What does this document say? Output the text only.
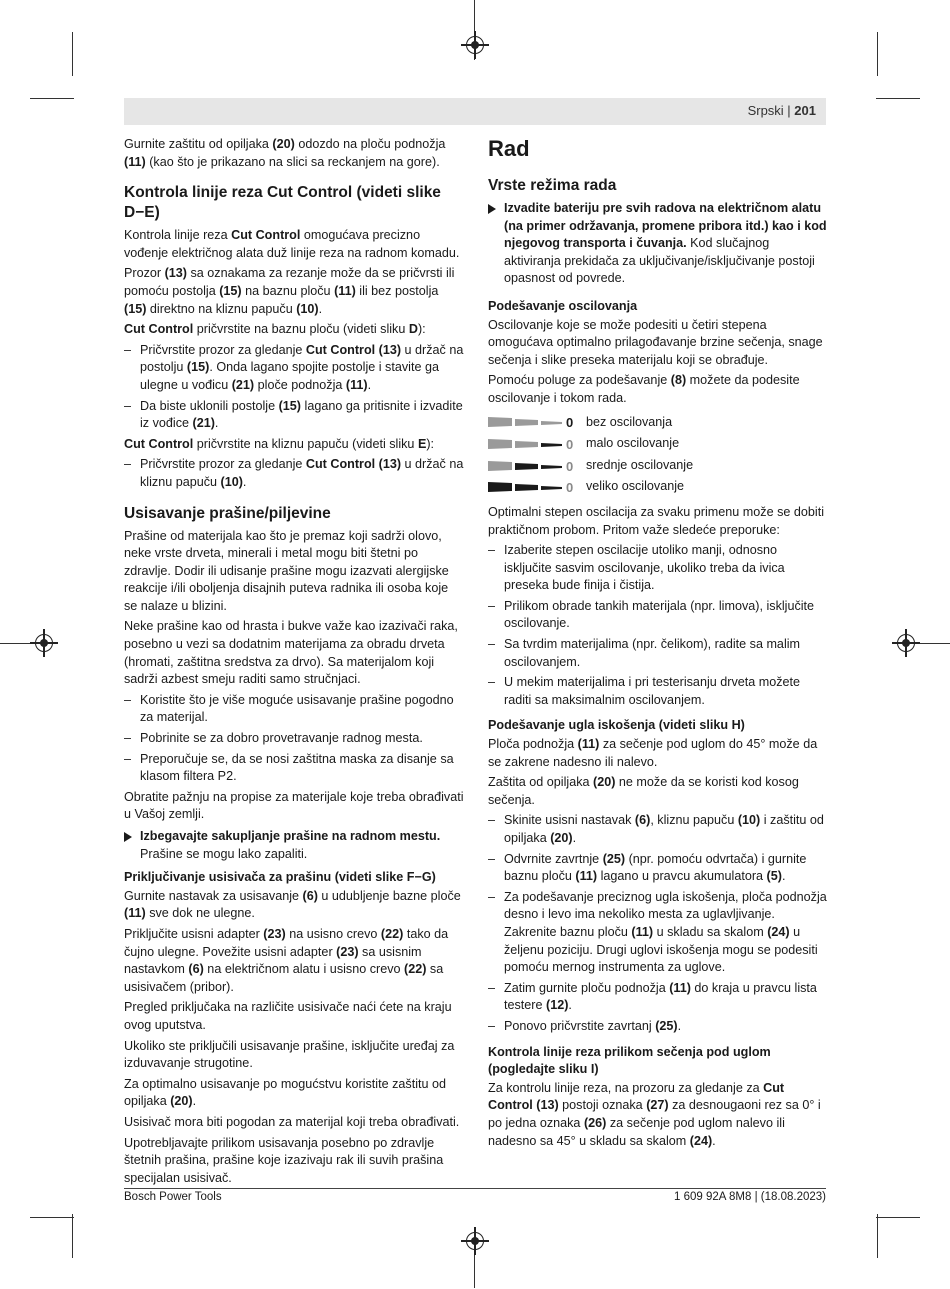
Srpski | 201

Gurnite zaštitu od opiljaka (20) odozdo na ploču podnožja (11) (kao što je prikazano na slici sa reckanjem na gore).

Kontrola linije reza Cut Control (videti slike D−E)

Kontrola linije reza Cut Control omogućava precizno vođenje električnog alata duž linije reza na radnom komadu.

Prozor (13) sa oznakama za rezanje može da se pričvrsti ili pomoću postolja (15) na baznu ploču (11) ili bez postolja (15) direktno na kliznu papuču (10).

Cut Control pričvrstite na baznu ploču (videti sliku D):

– Pričvrstite prozor za gledanje Cut Control (13) u držač na postolju (15). Onda lagano spojite postolje i stavite ga ulegne u vođicu (21) ploče podnožja (11).
– Da biste uklonili postolje (15) lagano ga pritisnite i izvadite iz vođice (21).

Cut Control pričvrstite na kliznu papuču (videti sliku E):

– Pričvrstite prozor za gledanje Cut Control (13) u držač na kliznu papuču (10).
Usisavanje prašine/piljevine

Prašine od materijala kao što je premaz koji sadrži olovo, neke vrste drveta, minerali i metal mogu biti štetni po zdravlje. Dodir ili udisanje prašine mogu izazvati alergijske reakcije i/ili oboljenja disajnih puteva radnika ili osoba koje se nalaze u blizini.

Neke prašine kao od hrasta i bukve važe kao izazivači raka, posebno u vezi sa dodatnim materijama za obradu drveta (hromati, zaštitna sredstva za drvo). Sa materijalom koji sadrži azbest smeju raditi samo stručnjaci.

– Koristite što je više moguće usisavanje prašine pogodno za materijal.
– Pobrinite se za dobro provetravanje radnog mesta.
– Preporučuje se, da se nosi zaštitna maska za disanje sa klasom filtera P2.

Obratite pažnju na propise za materijale koje treba obrađivati u Vašoj zemlji.

Izbegavajte sakupljanje prašine na radnom mestu. Prašine se mogu lako zapaliti.
Priključivanje usisivača za prašinu (videti slike F−G)

Gurnite nastavak za usisavanje (6) u udubljenje bazne ploče (11) sve dok ne ulegne.

Priključite usisni adapter (23) na usisno crevo (22) tako da čujno ulegne. Povežite usisni adapter (23) sa usisnim nastavkom (6) na električnom alatu i usisno crevo (22) sa usisivačem (pribor).

Pregled priključaka na različite usisivače naći ćete na kraju ovog uputstva.

Ukoliko ste priključili usisavanje prašine, isključite uređaj za izduvavanje strugotine.

Za optimalno usisavanje po mogućstvu koristite zaštitu od opiljaka (20).

Usisivač mora biti pogodan za materijal koji treba obrađivati.

Upotrebljavajte prilikom usisavanja posebno po zdravlje štetnih prašina, prašine koje izazivaju rak ili suvih prašina specijalan usisivač.

Rad
Vrste režima rada
Izvadite bateriju pre svih radova na električnom alatu (na primer održavanja, promene pribora itd.) kao i kod njegovog transporta i čuvanja. Kod slučajnog aktiviranja prekidača za uključivanje/isključivanje postoji opasnost od povrede.
Podešavanje oscilovanja

Oscilovanje koje se može podesiti u četiri stepena omogućava optimalno prilagođavanje brzine sečenja, snage sečenja i slike preseka materijalu koji se obrađuje.

Pomoću poluge za podešavanje (8) možete da podesite oscilovanje i tokom rada.

0 bez oscilovanja
0 malo oscilovanje
0 srednje oscilovanje
0 veliko oscilovanje

Optimalni stepen oscilacija za svaku primenu može se dobiti praktičnom probom. Pritom važe sledeće preporuke:

– Izaberite stepen oscilacije utoliko manji, odnosno isključite sasvim oscilovanje, ukoliko treba da ivica preseka bude finija i čistija.
– Prilikom obrade tankih materijala (npr. limova), isključite oscilovanje.
– Sa tvrdim materijalima (npr. čelikom), radite sa malim oscilovanjem.
– U mekim materijalima i pri testerisanju drveta možete raditi sa maksimalnim oscilovanjem.
Podešavanje ugla iskošenja (videti sliku H)

Ploča podnožja (11) za sečenje pod uglom do 45° može da se zakrene nadesno ili nalevo.

Zaštita od opiljaka (20) ne može da se koristi kod kosog sečenja.

– Skinite usisni nastavak (6), kliznu papuču (10) i zaštitu od opiljaka (20).
– Odvrnite zavrtnje (25) (npr. pomoću odvrtača) i gurnite baznu ploču (11) lagano u pravcu akumulatora (5).
– Za podešavanje preciznog ugla iskošenja, ploča podnožja desno i levo ima nekoliko mesta za uglavljivanje. Zakrenite baznu ploču (11) u skladu sa skalom (24) u željenu poziciju. Drugi uglovi iskošenja mogu se podesiti pomoću mernog instrumenta za uglove.
– Zatim gurnite ploču podnožja (11) do kraja u pravcu lista testere (12).
– Ponovo pričvrstite zavrtanj (25).
Kontrola linije reza prilikom sečenja pod uglom (pogledajte sliku I)

Za kontrolu linije reza, na prozoru za gledanje za Cut Control (13) postoji oznaka (27) za desnougaoni rez sa 0° i po jedna oznaka (26) za sečenje pod uglom nalevo ili nadesno sa 45° u skladu sa skalom (24).

Bosch Power Tools	1 609 92A 8M8 | (18.08.2023)
